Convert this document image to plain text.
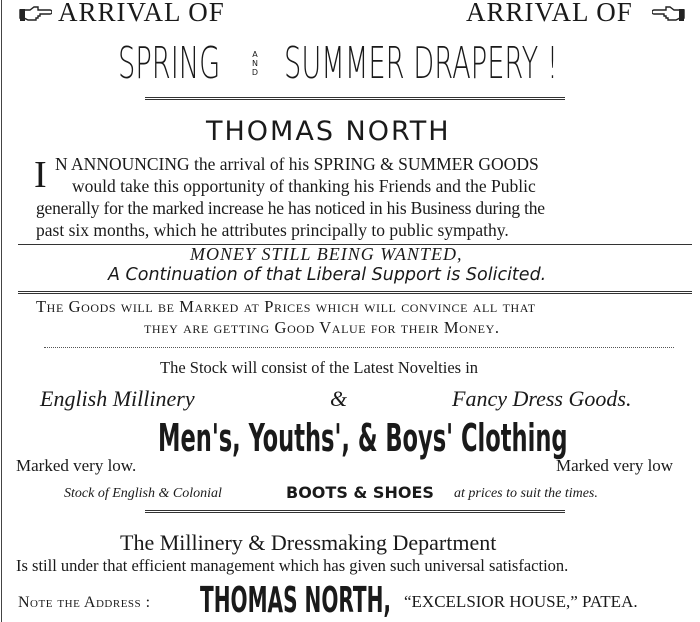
ARRIVAL OF	ARRIVAL OF
SPRING	AND SUMMER DRAPERY !
THOMAS NORTH
I N ANNOUNCING the arrival of his SPRING & SUMMER GOODS
would take this opportunity of thanking his Friends and the Public
generally for the marked increase he has noticed in his Business during the
past six months, which he attributes principally to public sympathy.
MONEY STILL BEING WANTED,
A Continuation of that Liberal Support is Solicited.
The Goods will be Marked at Prices which will convince all that
they are getting Good Value for their Money.
The Stock will consist of the Latest Novelties in
English Millinery	&	Fancy Dress Goods.
Men's, Youths', & Boys' Clothing
Marked very low.	Marked very low
Stock of English & Colonial	BOOTS & SHOES at prices to suit the times.
The Millinery & Dressmaking Department
Is still under that efficient management which has given such universal satisfaction.
Note the Address : THOMAS NORTH, “EXCELSIOR HOUSE,” PATEA.
